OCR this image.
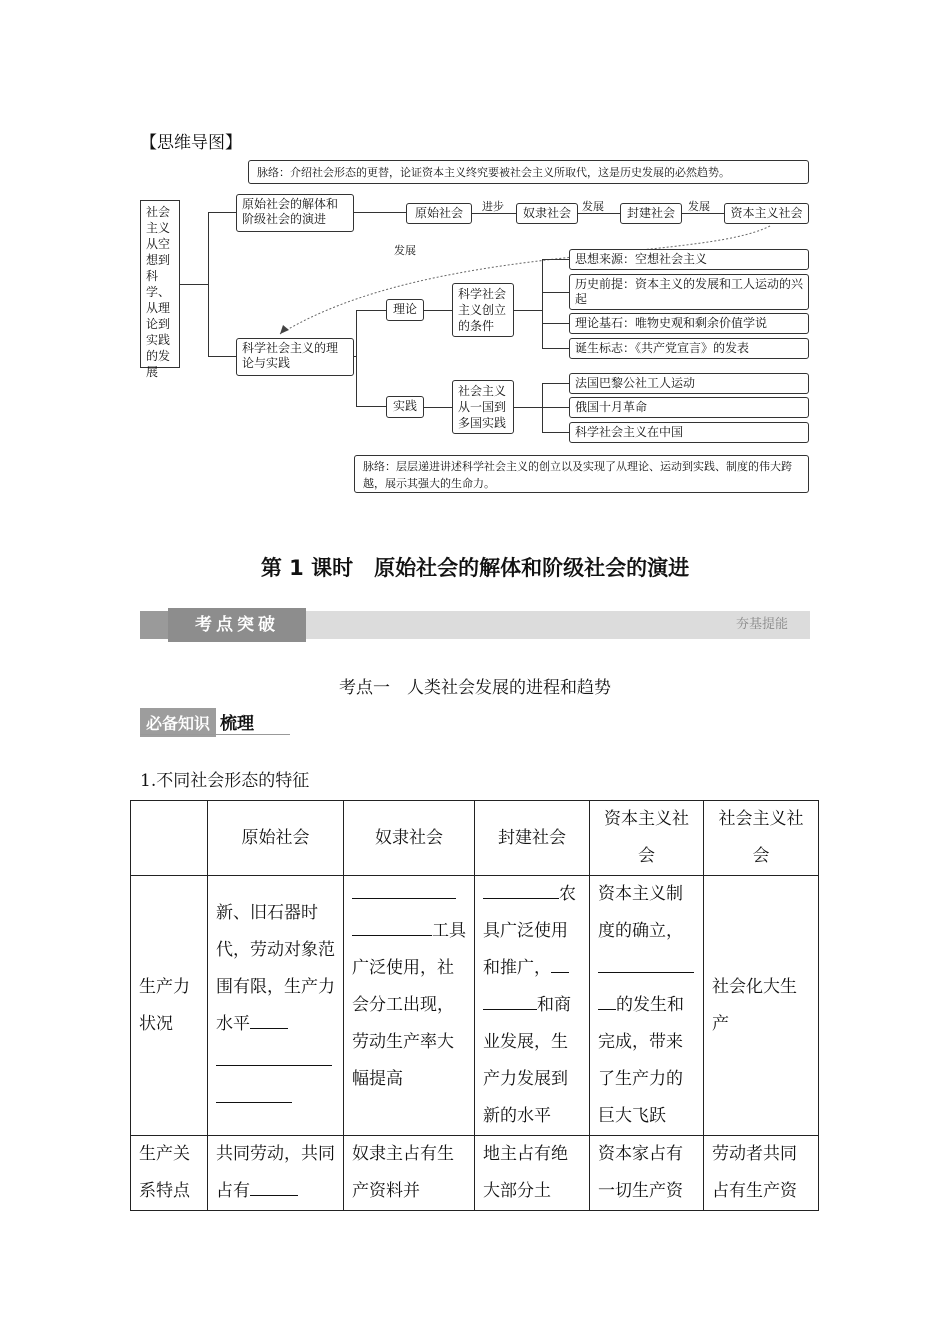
【思维导图】
脉络：介绍社会形态的更替，论证资本主义终究要被社会主义所取代，这是历史发展的必然趋势。
社会主义从空想到科学、从理论到实践的发展
原始社会的解体和阶级社会的演进	原始社会	进步	奴隶社会	发展	封建社会	发展	资本主义社会
发展
科学社会主义的理论与实践
理论
实践
科学社会主义创立的条件
社会主义从一国到多国实践
思想来源：空想社会主义
历史前提：资本主义的发展和工人运动的兴起
理论基石：唯物史观和剩余价值学说
诞生标志：《共产党宣言》的发表
法国巴黎公社工人运动
俄国十月革命
科学社会主义在中国
脉络：层层递进讲述科学社会主义的创立以及实现了从理论、运动到实践、制度的伟大跨越，展示其强大的生命力。
第 1 课时　原始社会的解体和阶级社会的演进
考点突破	夯基提能
考点一　人类社会发展的进程和趋势
必备知识 梳理
1.不同社会形态的特征
	原始社会	奴隶社会	封建社会	资本主义社会	社会主义社会
生产力状况	新、旧石器时代，劳动对象范围有限，生产力水平	工具广泛使用，社会分工出现，劳动生产率大幅提高	农具广泛使用和推广，和商业发展，生产力发展到新的水平	资本主义制度的确立，的发生和完成，带来了生产力的巨大飞跃	社会化大生产
生产关系特点	共同劳动，共同占有	奴隶主占有生产资料并	地主占有绝大部分土	资本家占有一切生产资	劳动者共同占有生产资
